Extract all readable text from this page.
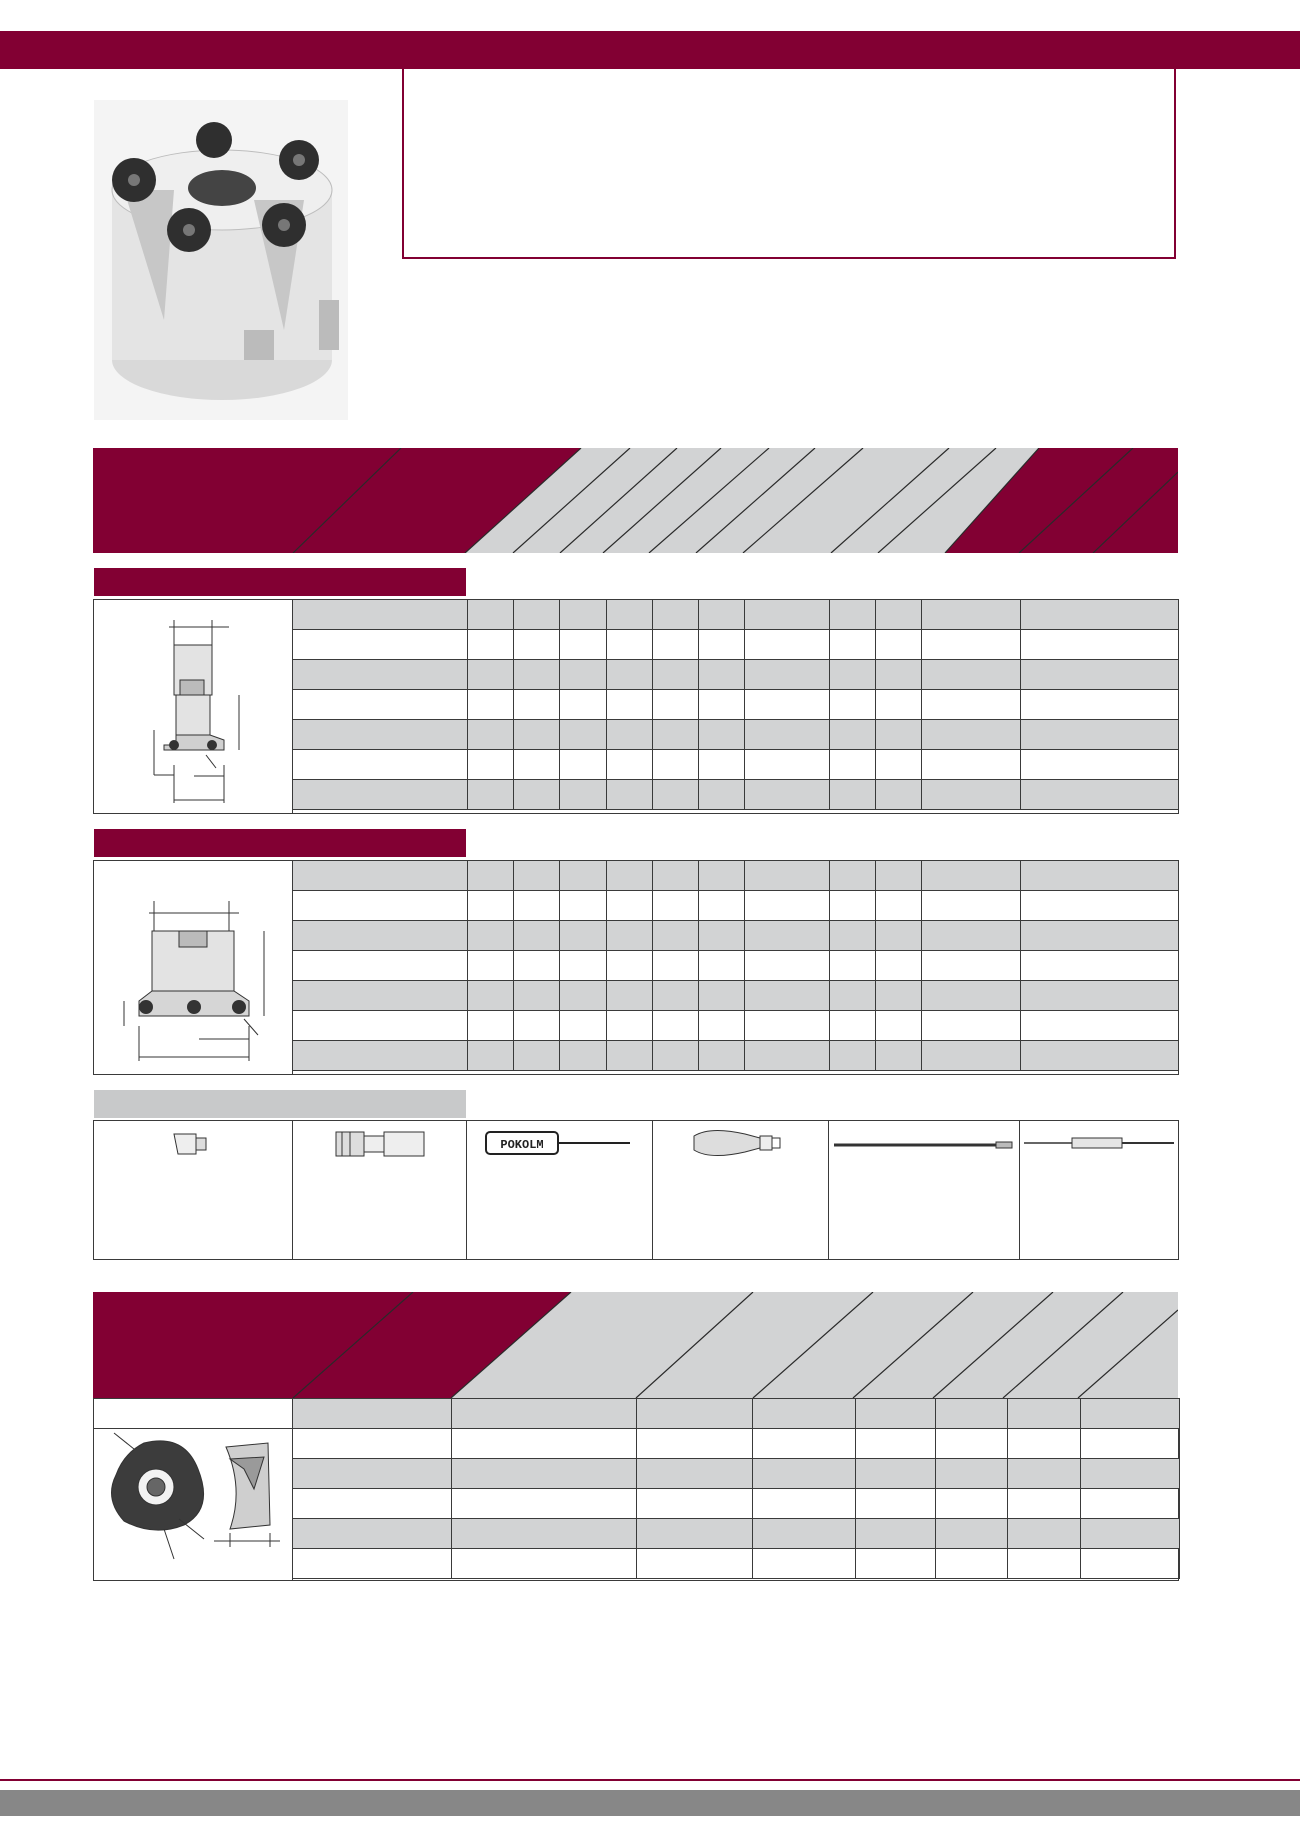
POKOLM
